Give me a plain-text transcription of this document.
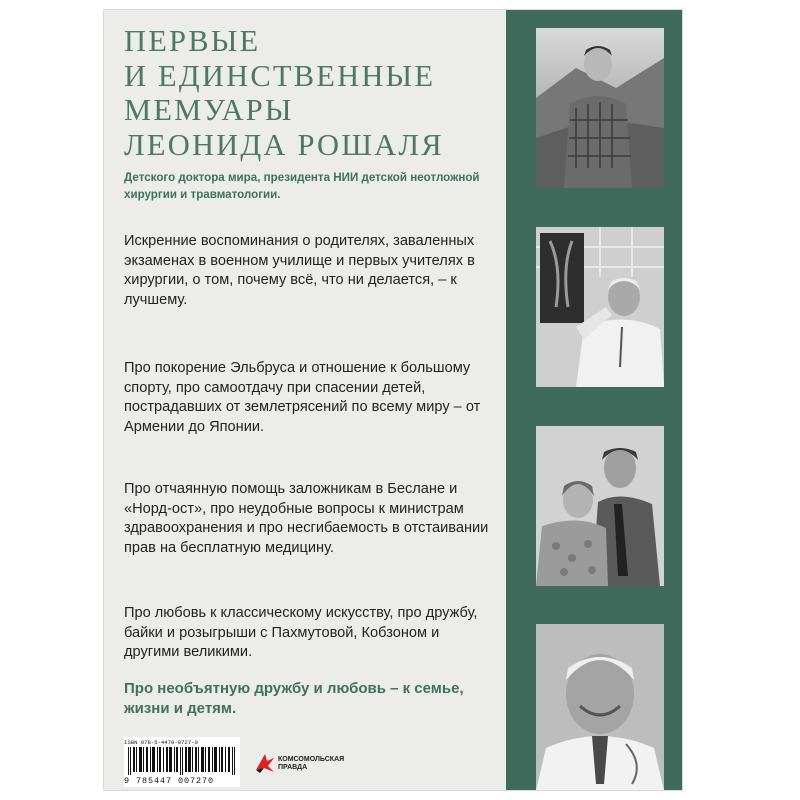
ПЕРВЫЕ
И ЕДИНСТВЕННЫЕ
МЕМУАРЫ
ЛЕОНИДА РОШАЛЯ
Детского доктора мира, президента НИИ детской неотложной хирургии и травматологии.
Искренние воспоминания о родителях, заваленных экзаменах в военном училище и первых учителях в хирургии, о том, почему всё, что ни делается, – к лучшему.
Про покорение Эльбруса и отношение к большому спорту, про самоотдачу при спасении детей, пострадавших от землетрясений по всему миру – от Армении до Японии.
Про отчаянную помощь заложникам в Беслане и «Норд-ост», про неудобные вопросы к министрам здравоохранения и про несгибаемость в отстаивании прав на бесплатную медицину.
Про любовь к классическому искусству, про дружбу, байки и розыгрыши с Пахмутовой, Кобзоном и другими великими.
Про необъятную дружбу и любовь – к семье, жизни и детям.
ISBN 978-5-4470-0727-0
9 785447 007270
КОМСОМОЛЬСКАЯ ПРАВДА
